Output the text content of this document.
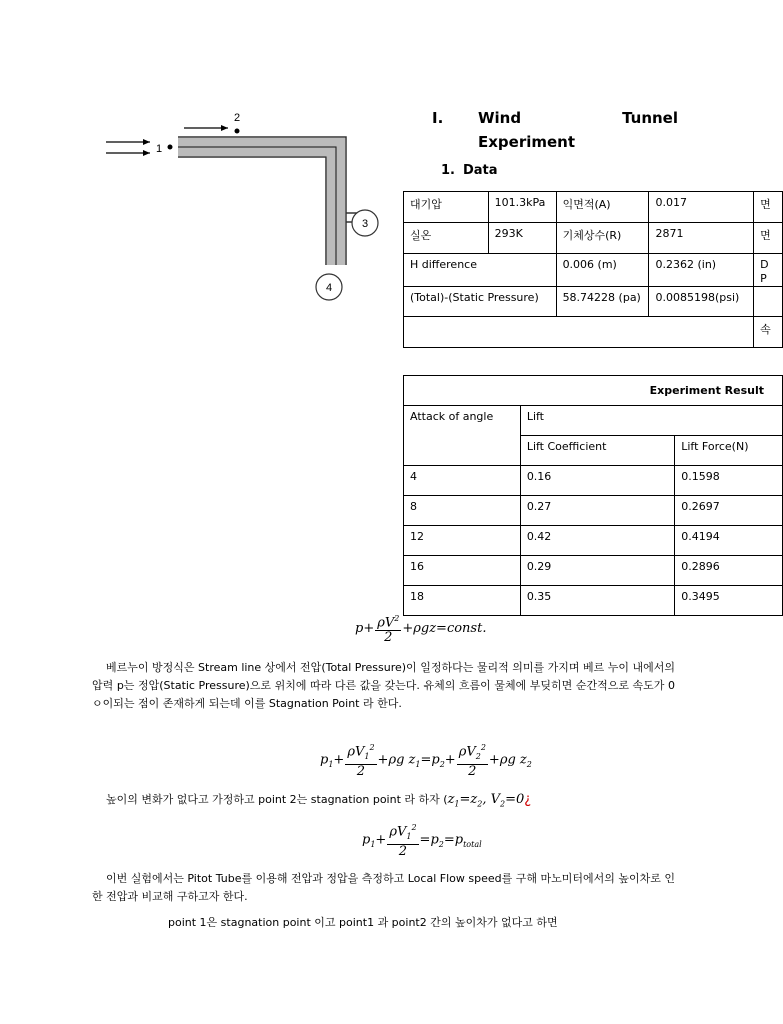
3
4
1
2	I. Wind	Tunnel
Experiment
1. Data
대기압	101.3kPa	익면적(A)	0.017	면
실온	293K	기체상수(R)	2871	면
H difference		0.006 (m)	0.2362 (in)	D
P
(Total)-(Static Pressure)		58.74228 (pa)	0.0085198(psi)	
				속
Experiment Result		
Attack of angle	Lift	
	Lift Coefficient	Lift Force(N)
4	0.16	0.1598
8	0.27	0.2697
12	0.42	0.4194
16	0.29	0.2896
18	0.35	0.3495
$p+ \frac{\rho V^2}{2}$ +ρgz=const.
베르누이 방정식은 Stream line 상에서 전압(Total Pressure)이 일정하다는 물리적 의미를 가지며 베르 누이 내에서의 압력 p는 정압(Static Pressure)으로 위치에 따라 다른 값을 갖는다. 유체의 흐름이 물체에 부딪히면 순간적으로 속도가 0ㅇ이되는 점이 존재하게 되는데 이를 Stagnation Point 라 한다.
$p_1+ \frac{\rho V_1^2}{2} +\rho g$ $z_1=p_2+ \frac{\rho V_2^2}{2} +\rho g$ $z_2$
높이의 변화가 없다고 가정하고 point 2는 stagnation point 라 하자 ($z_1=z_2$, $V_2=0¿$
$p_1+ \frac{\rho V_1^2}{2} =p_2=p_{total}$
이번 실험에서는 Pitot Tube를 이용해 전압과 정압을 측정하고 Local Flow speed를 구해 마노미터에서의 높이차로 인한 전압과 비교해 구하고자 한다.
point 1은 stagnation point 이고 point1 과 point2 간의 높이차가 없다고 하면
